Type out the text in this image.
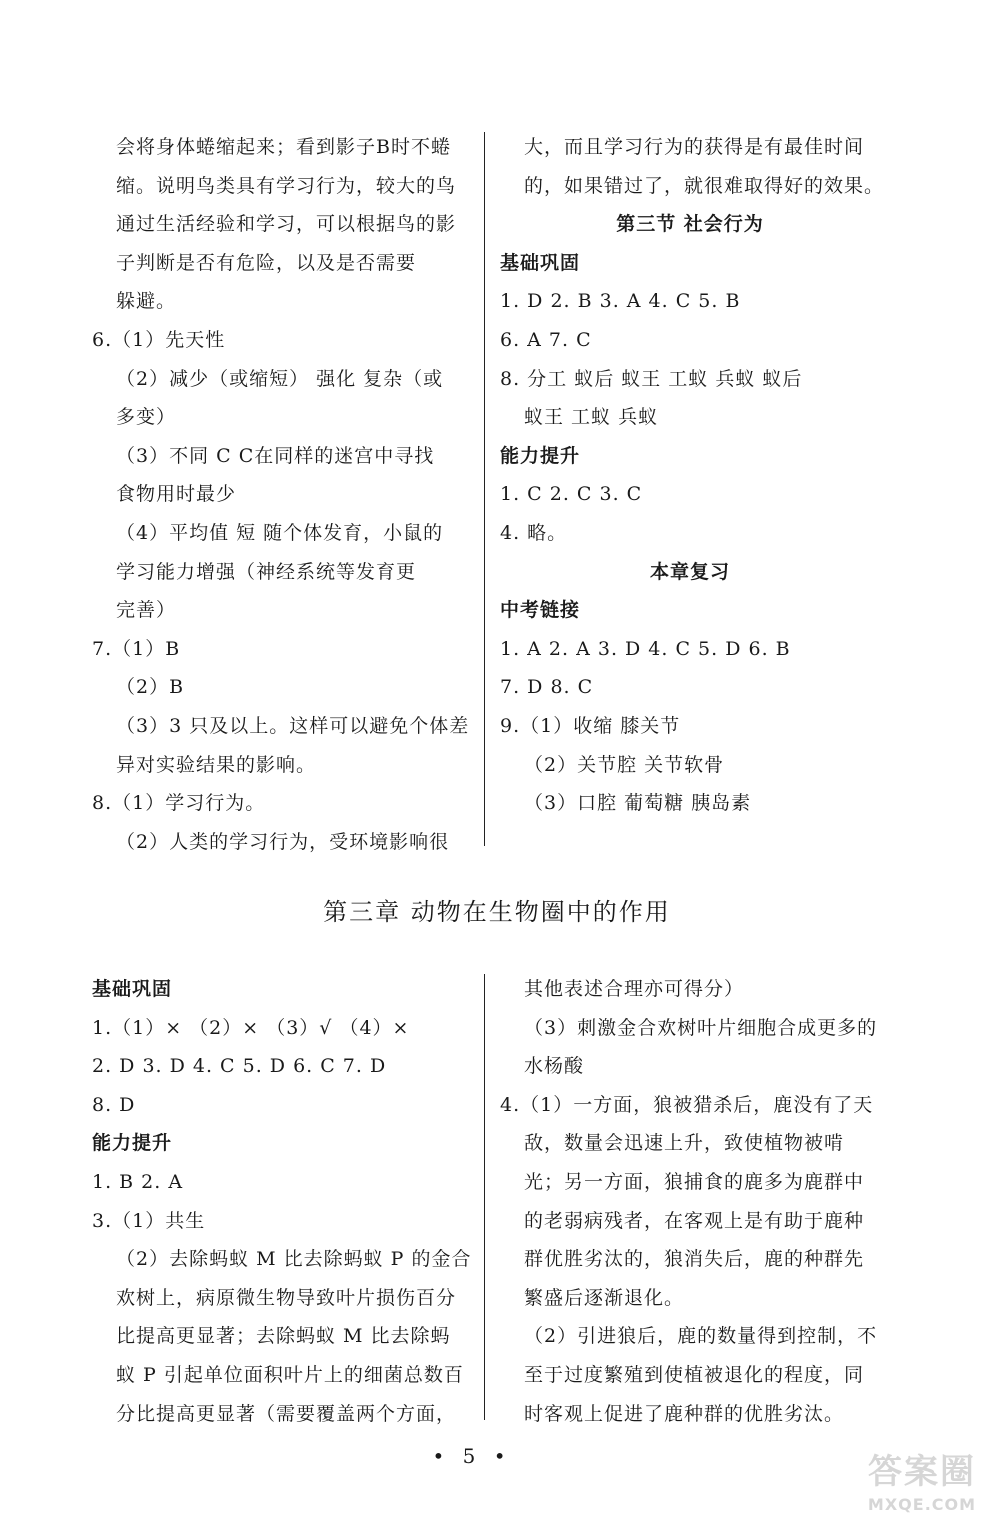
会将身体蜷缩起来；看到影子B时不蜷
缩。说明鸟类具有学习行为，较大的鸟
通过生活经验和学习，可以根据鸟的影
子判断是否有危险，以及是否需要
躲避。
6.（1）先天性
（2）减少（或缩短） 强化 复杂（或
多变）
（3）不同 C C在同样的迷宫中寻找
食物用时最少
（4）平均值 短 随个体发育，小鼠的
学习能力增强（神经系统等发育更
完善）
7.（1）B
（2）B
（3）3 只及以上。这样可以避免个体差
异对实验结果的影响。
8.（1）学习行为。
（2）人类的学习行为，受环境影响很
大，而且学习行为的获得是有最佳时间
的，如果错过了，就很难取得好的效果。
第三节 社会行为
基础巩固
1. D 2. B 3. A 4. C 5. B
6. A 7. C
8. 分工 蚁后 蚁王 工蚁 兵蚁 蚁后
蚁王 工蚁 兵蚁
能力提升
1. C 2. C 3. C
4. 略。
本章复习
中考链接
1. A 2. A 3. D 4. C 5. D 6. B
7. D 8. C
9.（1）收缩 膝关节
（2）关节腔 关节软骨
（3）口腔 葡萄糖 胰岛素
第三章 动物在生物圈中的作用
基础巩固
1.（1）× （2）× （3）√ （4）×
2. D 3. D 4. C 5. D 6. C 7. D
8. D
能力提升
1. B 2. A
3.（1）共生
（2）去除蚂蚁 M 比去除蚂蚁 P 的金合
欢树上，病原微生物导致叶片损伤百分
比提高更显著；去除蚂蚁 M 比去除蚂
蚁 P 引起单位面积叶片上的细菌总数百
分比提高更显著（需要覆盖两个方面，
其他表述合理亦可得分）
（3）刺激金合欢树叶片细胞合成更多的
水杨酸
4.（1）一方面，狼被猎杀后，鹿没有了天
敌，数量会迅速上升，致使植物被啃
光；另一方面，狼捕食的鹿多为鹿群中
的老弱病残者，在客观上是有助于鹿种
群优胜劣汰的，狼消失后，鹿的种群先
繁盛后逐渐退化。
（2）引进狼后，鹿的数量得到控制，不
至于过度繁殖到使植被退化的程度，同
时客观上促进了鹿种群的优胜劣汰。
• 5 •	答案圈
MXQE.COM
